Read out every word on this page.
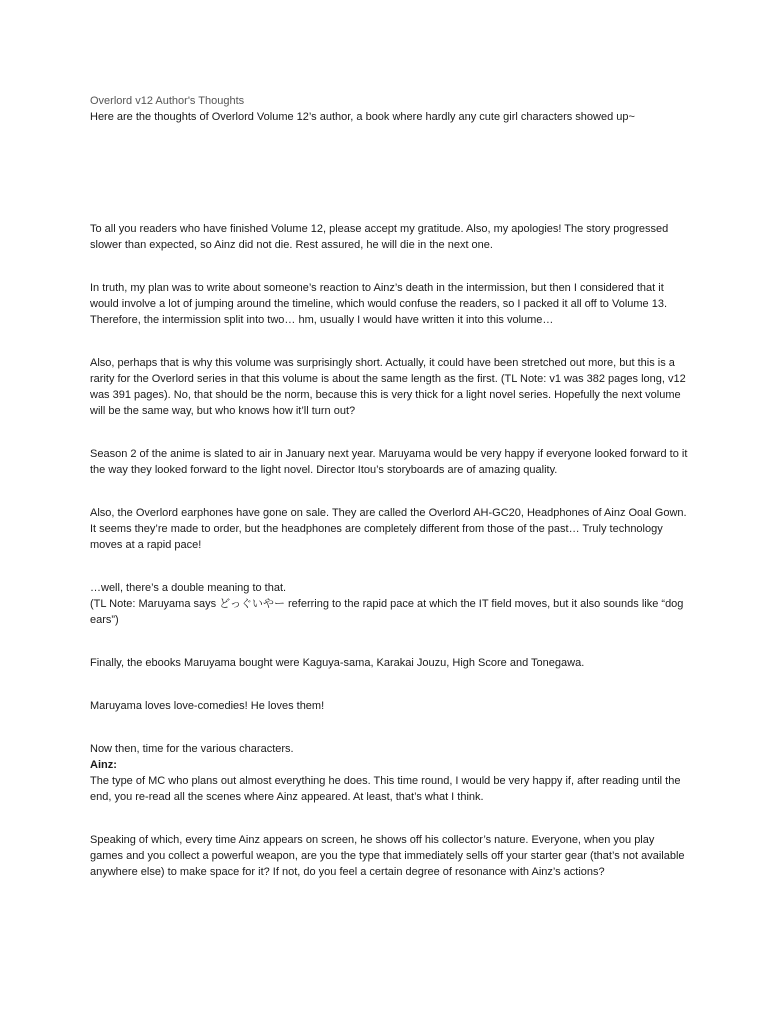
Overlord v12 Author's Thoughts

Here are the thoughts of Overlord Volume 12’s author, a book where hardly any cute girl characters showed up~

To all you readers who have finished Volume 12, please accept my gratitude. Also, my apologies! The story progressed slower than expected, so Ainz did not die. Rest assured, he will die in the next one.

In truth, my plan was to write about someone’s reaction to Ainz’s death in the intermission, but then I considered that it would involve a lot of jumping around the timeline, which would confuse the readers, so I packed it all off to Volume 13. Therefore, the intermission split into two… hm, usually I would have written it into this volume…

Also, perhaps that is why this volume was surprisingly short. Actually, it could have been stretched out more, but this is a rarity for the Overlord series in that this volume is about the same length as the first. (TL Note: v1 was 382 pages long, v12 was 391 pages). No, that should be the norm, because this is very thick for a light novel series. Hopefully the next volume will be the same way, but who knows how it’ll turn out?

Season 2 of the anime is slated to air in January next year. Maruyama would be very happy if everyone looked forward to it the way they looked forward to the light novel. Director Itou’s storyboards are of amazing quality.

Also, the Overlord earphones have gone on sale. They are called the Overlord AH-GC20, Headphones of Ainz Ooal Gown. It seems they’re made to order, but the headphones are completely different from those of the past… Truly technology moves at a rapid pace!

…well, there’s a double meaning to that.

(TL Note: Maruyama says どっぐいやー referring to the rapid pace at which the IT field moves, but it also sounds like “dog ears”)

Finally, the ebooks Maruyama bought were Kaguya-sama, Karakai Jouzu, High Score and Tonegawa.

Maruyama loves love-comedies! He loves them!

Now then, time for the various characters.

Ainz:

The type of MC who plans out almost everything he does. This time round, I would be very happy if, after reading until the end, you re-read all the scenes where Ainz appeared. At least, that’s what I think.

Speaking of which, every time Ainz appears on screen, he shows off his collector’s nature. Everyone, when you play games and you collect a powerful weapon, are you the type that immediately sells off your starter gear (that’s not available anywhere else) to make space for it? If not, do you feel a certain degree of resonance with Ainz’s actions?
